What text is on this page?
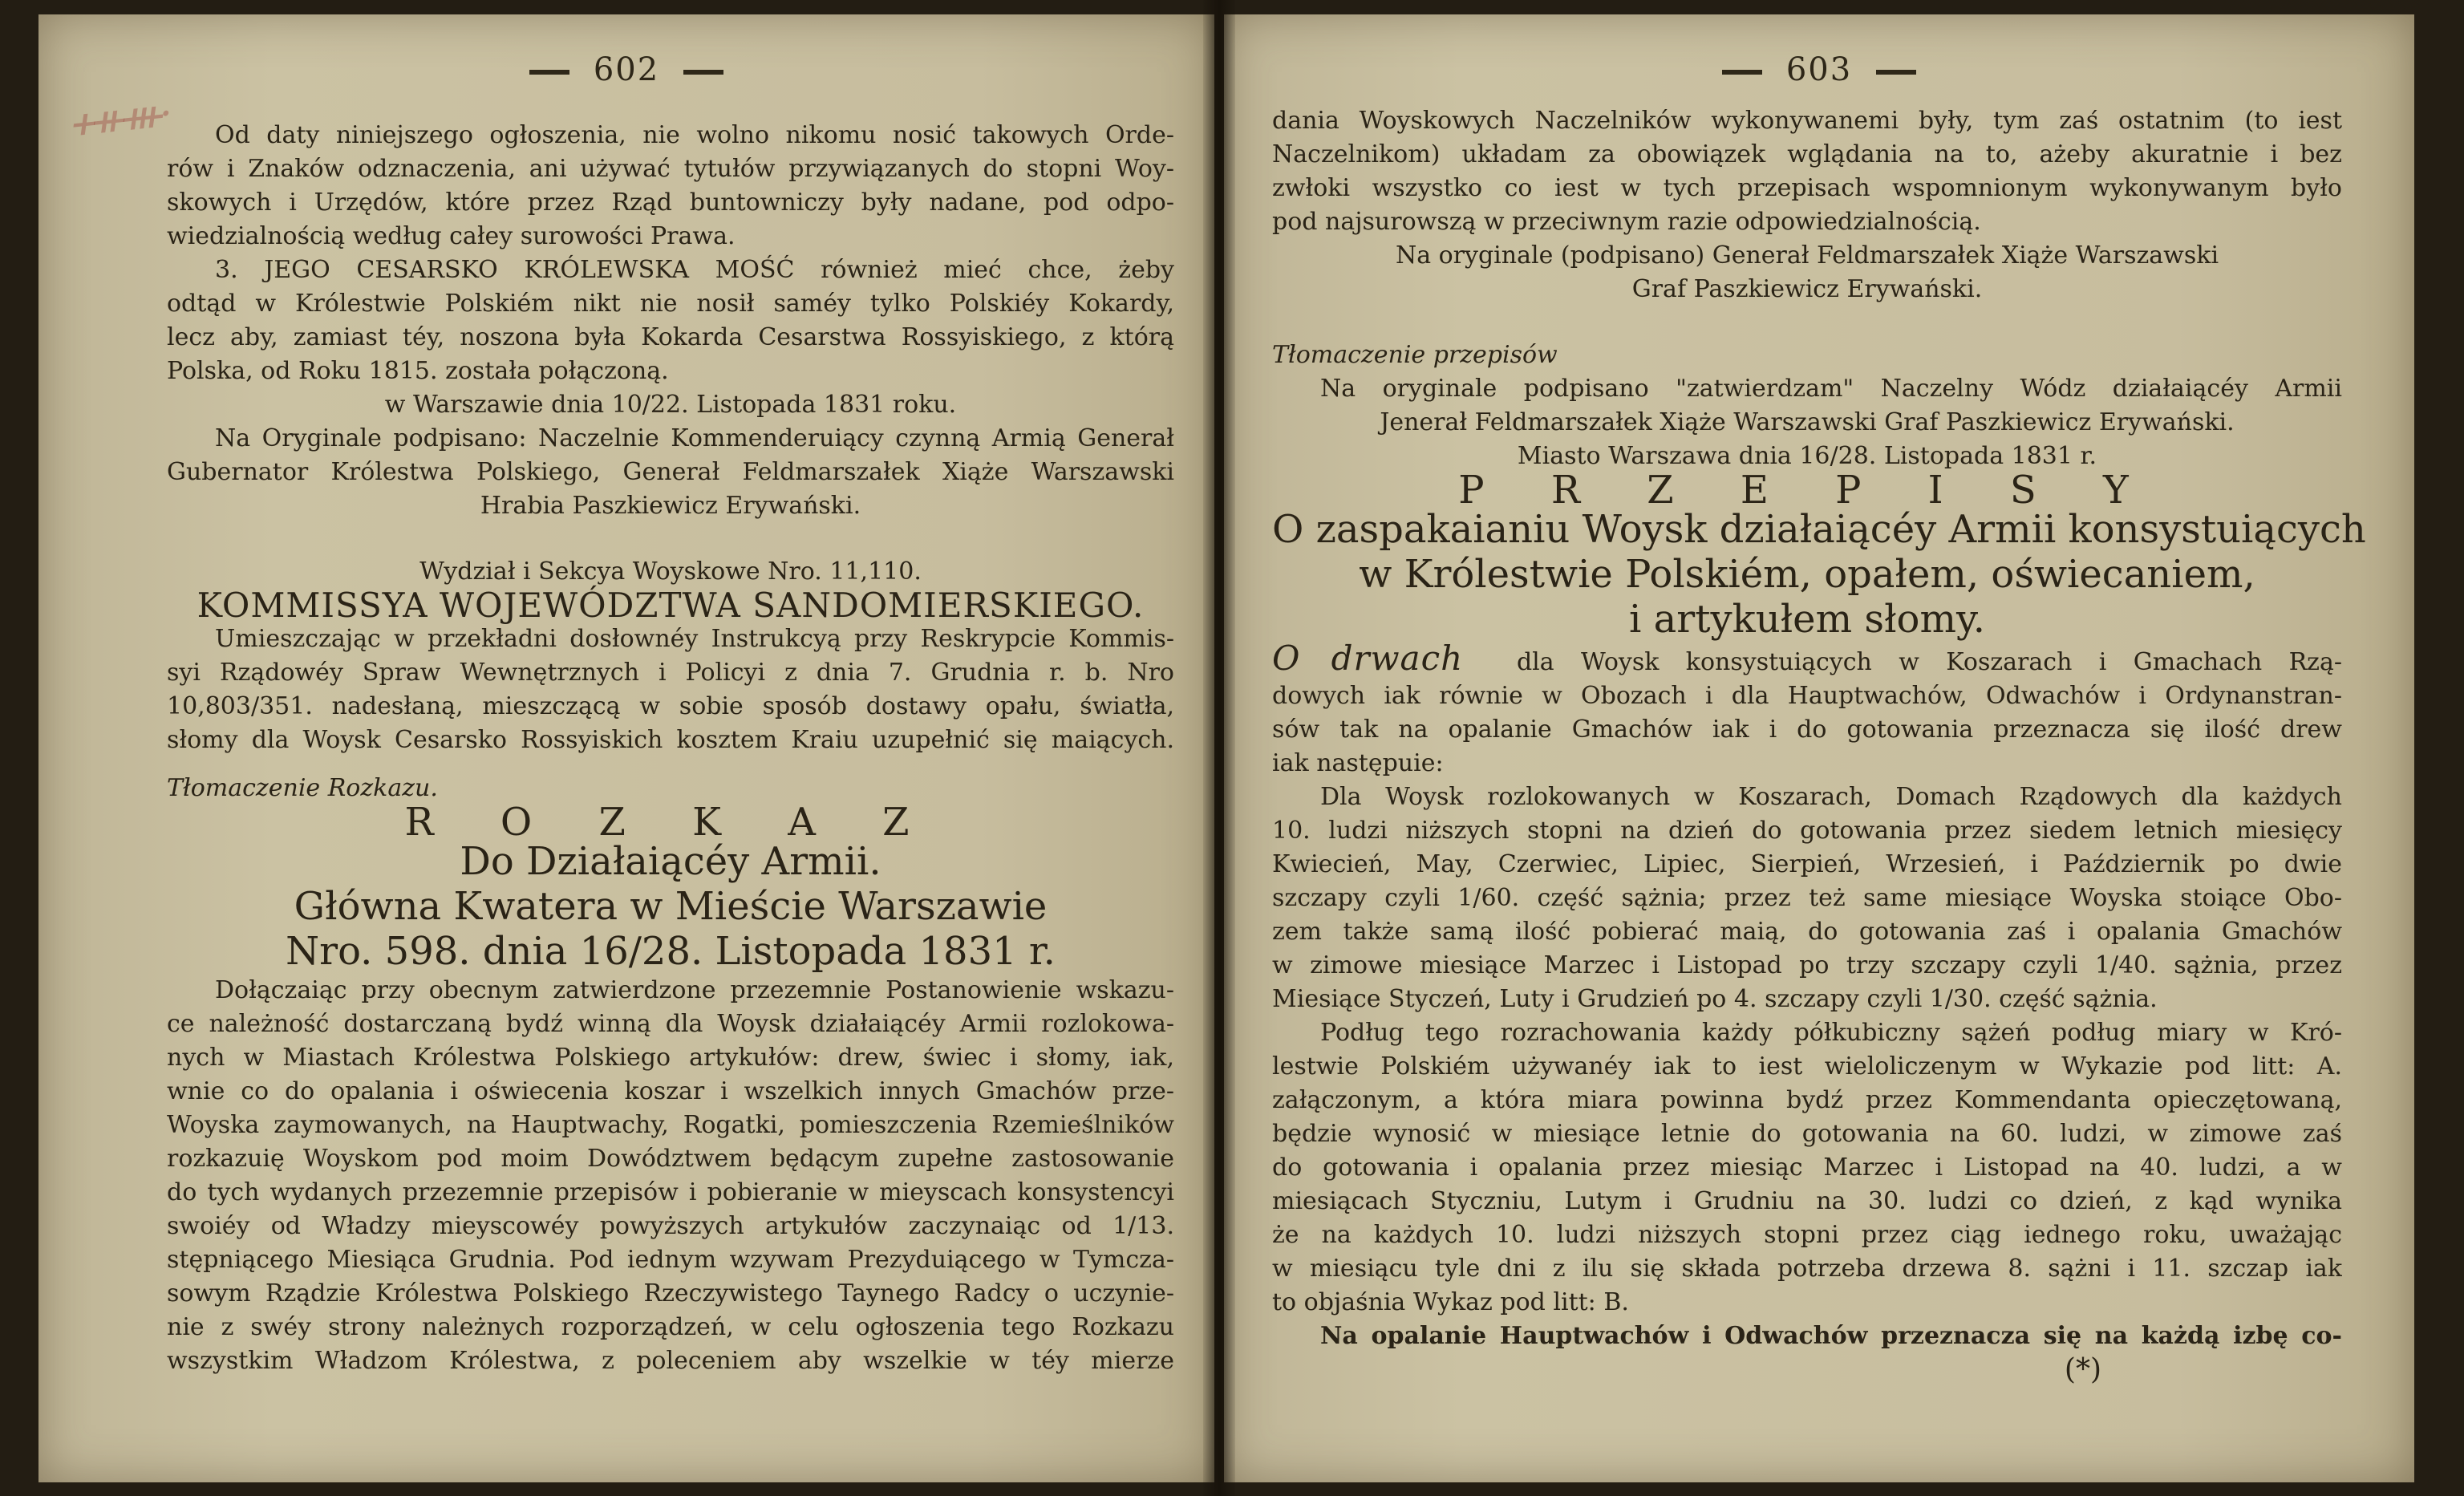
ᚐᚑᚒ·
602
Od daty niniejszego ogłoszenia, nie wolno nikomu nosić takowych Orde-
rów i Znaków odznaczenia, ani używać tytułów przywiązanych do stopni Woy-
skowych i Urzędów, które przez Rząd buntowniczy były nadane, pod odpo-
wiedzialnością według całey surowości Prawa.
3. JEGO CESARSKO KRÓLEWSKA MOŚĆ również mieć chce, żeby
odtąd w Królestwie Polskiém nikt nie nosił saméy tylko Polskiéy Kokardy,
lecz aby, zamiast téy, noszona była Kokarda Cesarstwa Rossyiskiego, z którą
Polska, od Roku 1815. została połączoną.
w Warszawie dnia 10/22. Listopada 1831 roku.
Na Oryginale podpisano: Naczelnie Kommenderuiący czynną Armią Generał
Gubernator Królestwa Polskiego, Generał Feldmarszałek Xiąże Warszawski
Hrabia Paszkiewicz Erywański.
Wydział i Sekcya Woyskowe Nro. 11,110.
KOMMISSYA WOJEWÓDZTWA SANDOMIERSKIEGO.
Umieszczając w przekładni dosłownéy Instrukcyą przy Reskrypcie Kommis-
syi Rządowéy Spraw Wewnętrznych i Policyi z dnia 7. Grudnia r. b. Nro
10,803/351. nadesłaną, mieszczącą w sobie sposób dostawy opału, światła,
słomy dla Woysk Cesarsko Rossyiskich kosztem Kraiu uzupełnić się maiących.
Tłomaczenie Rozkazu.
R O Z K A Z
Do Działaiącéy Armii.
Główna Kwatera w Mieście Warszawie
Nro. 598. dnia 16/28. Listopada 1831 r.
Dołączaiąc przy obecnym zatwierdzone przezemnie Postanowienie wskazu-
ce należność dostarczaną bydź winną dla Woysk działaiącéy Armii rozlokowa-
nych w Miastach Królestwa Polskiego artykułów: drew, świec i słomy, iak,
wnie co do opalania i oświecenia koszar i wszelkich innych Gmachów prze-
Woyska zaymowanych, na Hauptwachy, Rogatki, pomieszczenia Rzemieślników
rozkazuię Woyskom pod moim Dowództwem będącym zupełne zastosowanie
do tych wydanych przezemnie przepisów i pobieranie w mieyscach konsystencyi
swoiéy od Władzy mieyscowéy powyższych artykułów zaczynaiąc od 1/13.
stępniącego Miesiąca Grudnia. Pod iednym wzywam Prezyduiącego w Tymcza-
sowym Rządzie Królestwa Polskiego Rzeczywistego Taynego Radcy o uczynie-
nie z swéy strony należnych rozporządzeń, w celu ogłoszenia tego Rozkazu
wszystkim Władzom Królestwa, z poleceniem aby wszelkie w téy mierze
603
dania Woyskowych Naczelników wykonywanemi były, tym zaś ostatnim (to iest
Naczelnikom) układam za obowiązek wglądania na to, ażeby akuratnie i bez
zwłoki wszystko co iest w tych przepisach wspomnionym wykonywanym było
pod najsurowszą w przeciwnym razie odpowiedzialnością.
Na oryginale (podpisano) Generał Feldmarszałek Xiąże Warszawski
Graf Paszkiewicz Erywański.
Tłomaczenie przepisów
Na oryginale podpisano "zatwierdzam" Naczelny Wódz działaiącéy Armii
Jenerał Feldmarszałek Xiąże Warszawski Graf Paszkiewicz Erywański.
Miasto Warszawa dnia 16/28. Listopada 1831 r.
P R Z E P I S Y
O zaspakaianiu Woysk działaiącéy Armii konsystuiących
w Królestwie Polskiém, opałem, oświecaniem,
i artykułem słomy.
O drwach dla Woysk konsystuiących w Koszarach i Gmachach Rzą-
dowych iak równie w Obozach i dla Hauptwachów, Odwachów i Ordynanstran-
sów tak na opalanie Gmachów iak i do gotowania przeznacza się ilość drew
iak następuie:
Dla Woysk rozlokowanych w Koszarach, Domach Rządowych dla każdych
10. ludzi niższych stopni na dzień do gotowania przez siedem letnich miesięcy
Kwiecień, May, Czerwiec, Lipiec, Sierpień, Wrzesień, i Październik po dwie
szczapy czyli 1/60. część sążnia; przez też same miesiące Woyska stoiące Obo-
zem także samą ilość pobierać maią, do gotowania zaś i opalania Gmachów
w zimowe miesiące Marzec i Listopad po trzy szczapy czyli 1/40. sążnia, przez
Miesiące Styczeń, Luty i Grudzień po 4. szczapy czyli 1/30. część sążnia.
Podług tego rozrachowania każdy półkubiczny sążeń podług miary w Kró-
lestwie Polskiém używanéy iak to iest wieloliczenym w Wykazie pod litt: A.
załączonym, a która miara powinna bydź przez Kommendanta opieczętowaną,
będzie wynosić w miesiące letnie do gotowania na 60. ludzi, w zimowe zaś
do gotowania i opalania przez miesiąc Marzec i Listopad na 40. ludzi, a w
miesiącach Styczniu, Lutym i Grudniu na 30. ludzi co dzień, z kąd wynika
że na każdych 10. ludzi niższych stopni przez ciąg iednego roku, uważając
w miesiącu tyle dni z ilu się składa potrzeba drzewa 8. sążni i 11. szczap iak
to objaśnia Wykaz pod litt: B.
Na opalanie Hauptwachów i Odwachów przeznacza się na każdą izbę co-
(*)
